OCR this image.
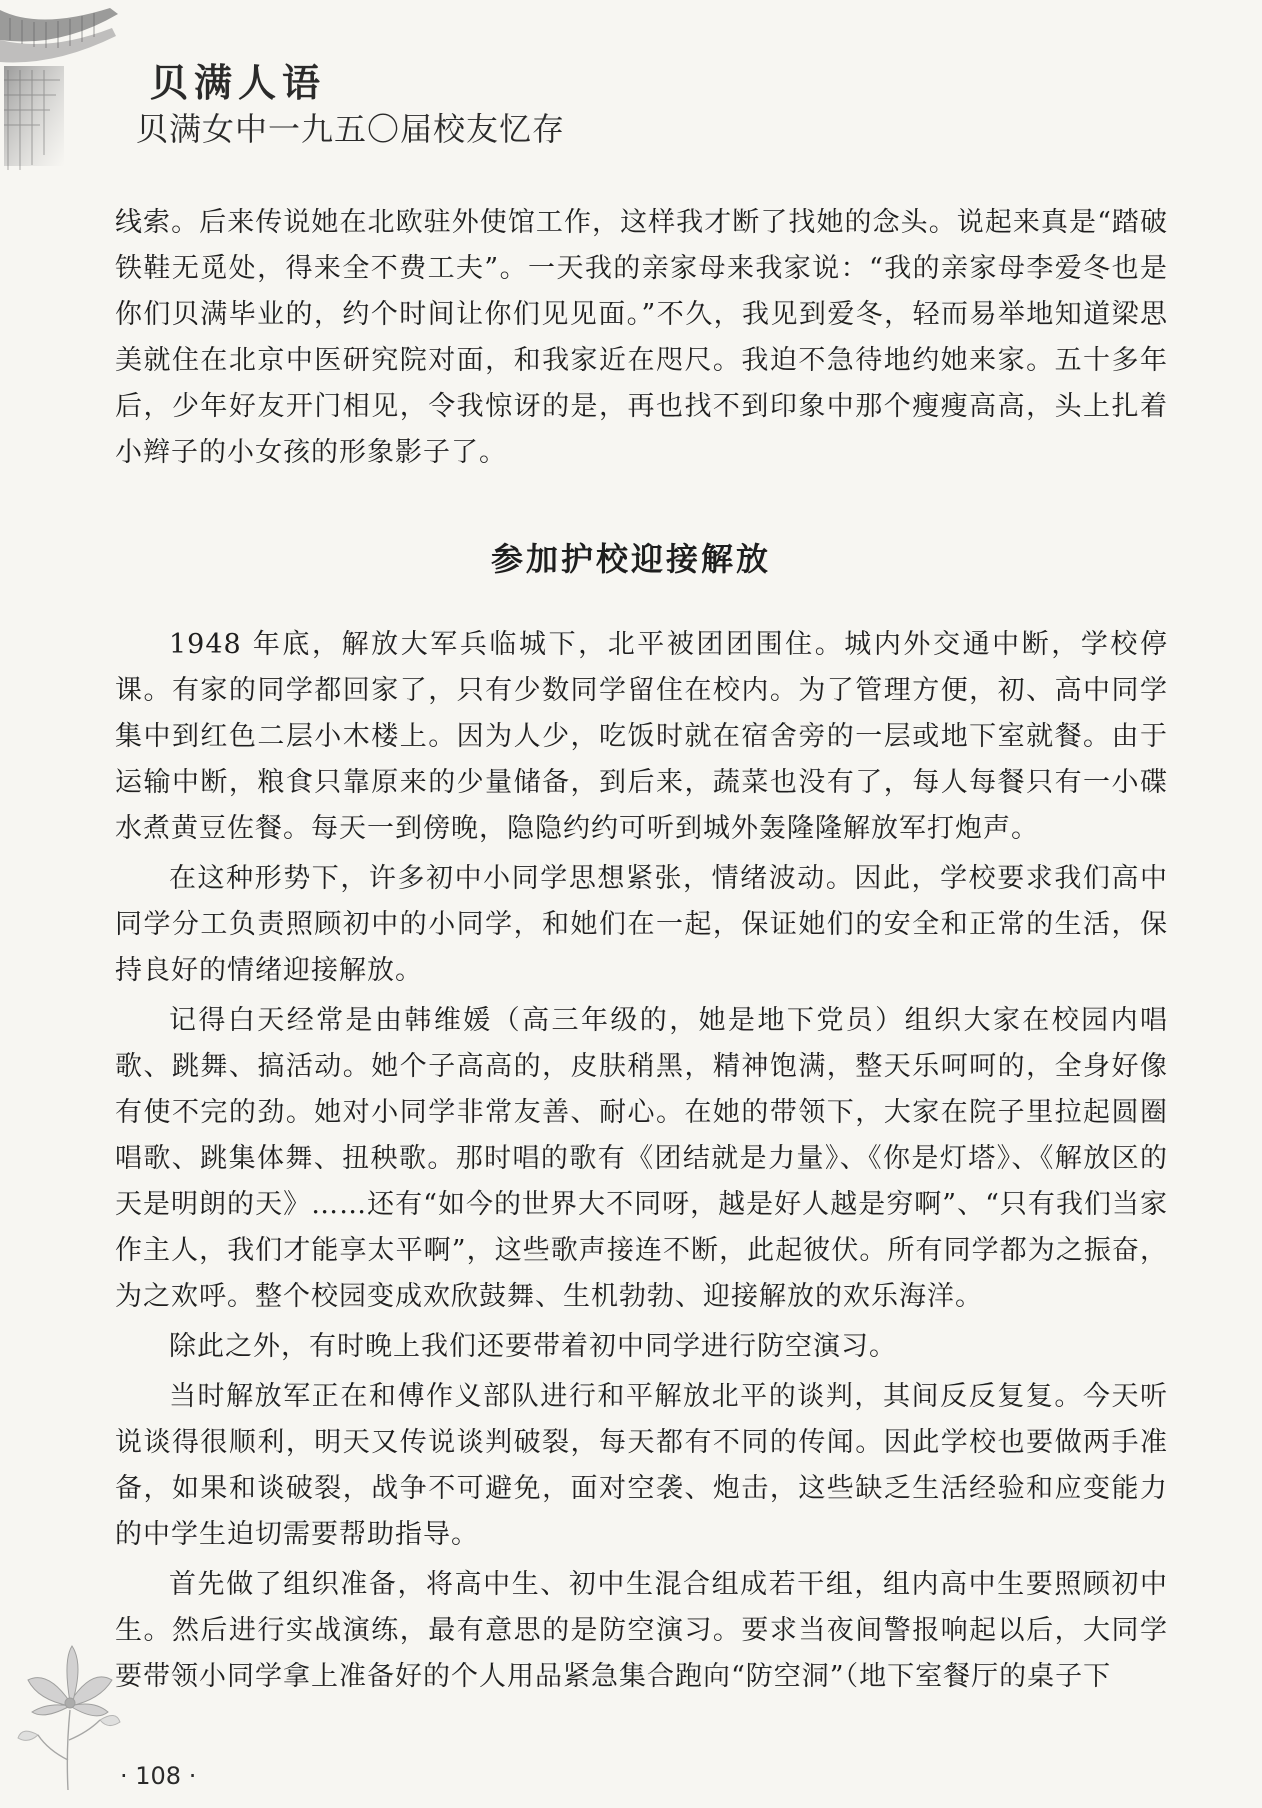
贝满人语
贝满女中一九五〇届校友忆存

线索。后来传说她在北欧驻外使馆工作，这样我才断了找她的念头。说起来真是“踏破铁鞋无觅处，得来全不费工夫”。一天我的亲家母来我家说：“我的亲家母李爱冬也是你们贝满毕业的，约个时间让你们见见面。”不久，我见到爱冬，轻而易举地知道梁思美就住在北京中医研究院对面，和我家近在咫尺。我迫不急待地约她来家。五十多年后，少年好友开门相见，令我惊讶的是，再也找不到印象中那个瘦瘦高高，头上扎着小辫子的小女孩的形象影子了。

参加护校迎接解放

1948 年底，解放大军兵临城下，北平被团团围住。城内外交通中断，学校停课。有家的同学都回家了，只有少数同学留住在校内。为了管理方便，初、高中同学集中到红色二层小木楼上。因为人少，吃饭时就在宿舍旁的一层或地下室就餐。由于运输中断，粮食只靠原来的少量储备，到后来，蔬菜也没有了，每人每餐只有一小碟水煮黄豆佐餐。每天一到傍晚，隐隐约约可听到城外轰隆隆解放军打炮声。

在这种形势下，许多初中小同学思想紧张，情绪波动。因此，学校要求我们高中同学分工负责照顾初中的小同学，和她们在一起，保证她们的安全和正常的生活，保持良好的情绪迎接解放。

记得白天经常是由韩维媛（高三年级的，她是地下党员）组织大家在校园内唱歌、跳舞、搞活动。她个子高高的，皮肤稍黑，精神饱满，整天乐呵呵的，全身好像有使不完的劲。她对小同学非常友善、耐心。在她的带领下，大家在院子里拉起圆圈唱歌、跳集体舞、扭秧歌。那时唱的歌有《团结就是力量》、《你是灯塔》、《解放区的天是明朗的天》……还有“如今的世界大不同呀，越是好人越是穷啊”、“只有我们当家作主人，我们才能享太平啊”，这些歌声接连不断，此起彼伏。所有同学都为之振奋，为之欢呼。整个校园变成欢欣鼓舞、生机勃勃、迎接解放的欢乐海洋。

除此之外，有时晚上我们还要带着初中同学进行防空演习。

当时解放军正在和傅作义部队进行和平解放北平的谈判，其间反反复复。今天听说谈得很顺利，明天又传说谈判破裂，每天都有不同的传闻。因此学校也要做两手准备，如果和谈破裂，战争不可避免，面对空袭、炮击，这些缺乏生活经验和应变能力的中学生迫切需要帮助指导。

首先做了组织准备，将高中生、初中生混合组成若干组，组内高中生要照顾初中生。然后进行实战演练，最有意思的是防空演习。要求当夜间警报响起以后，大同学要带领小同学拿上准备好的个人用品紧急集合跑向“防空洞”（地下室餐厅的桌子下

· 108 ·
